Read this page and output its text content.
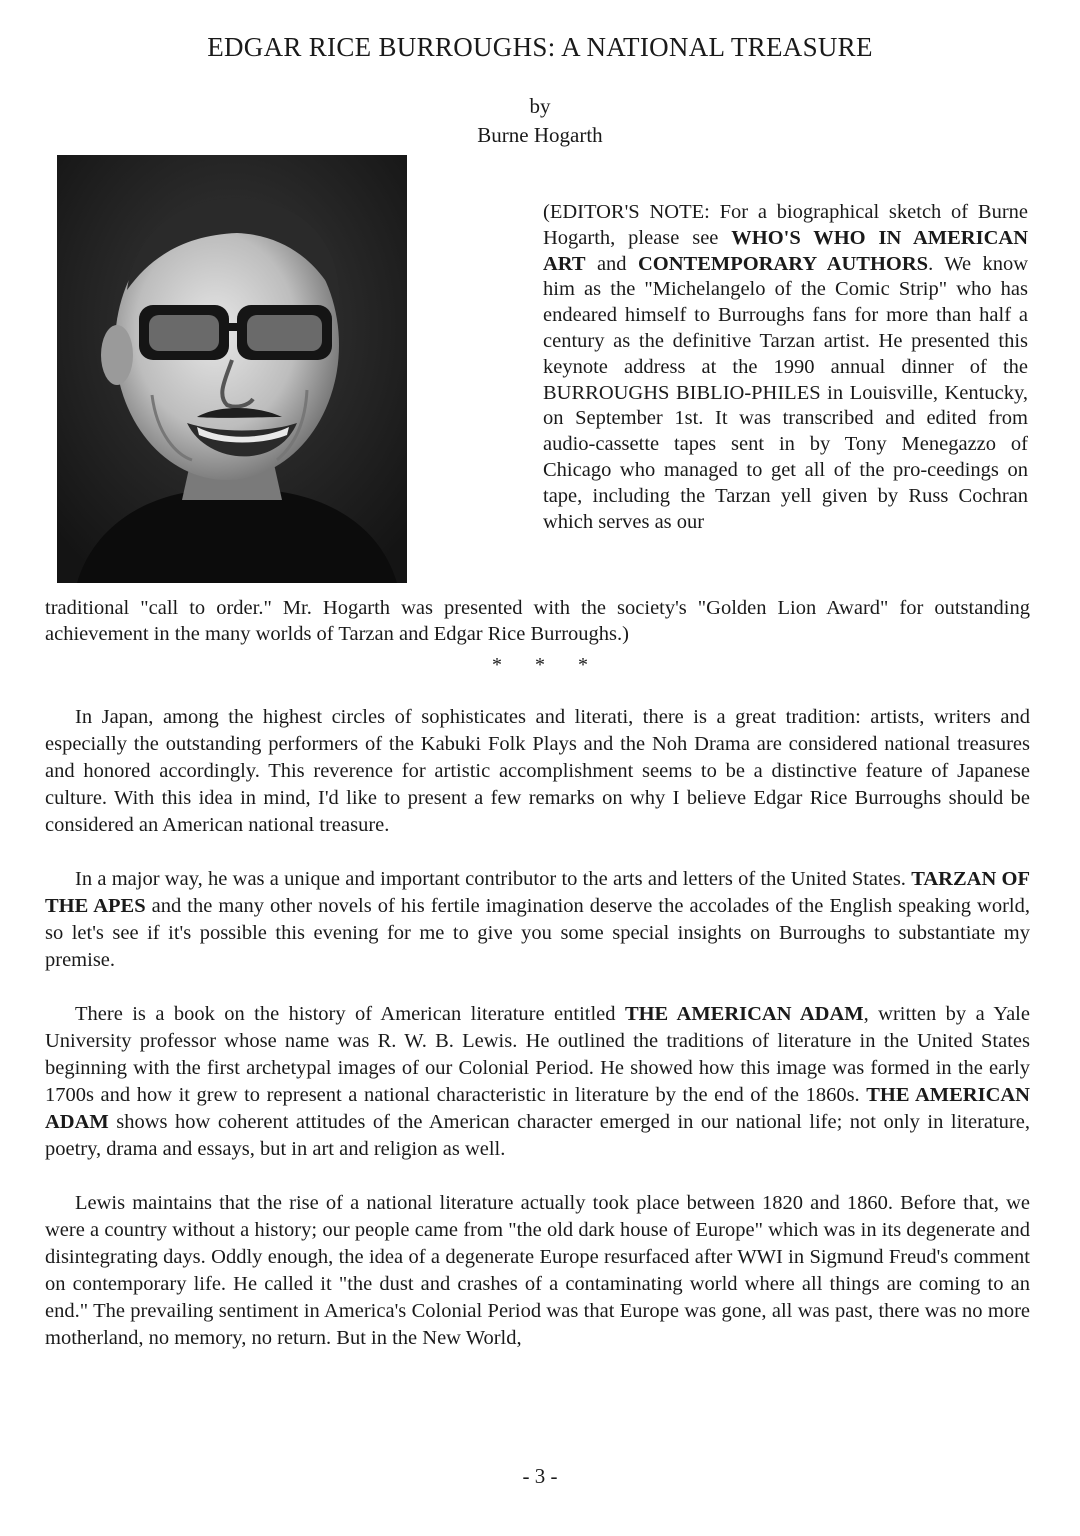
EDGAR RICE BURROUGHS: A NATIONAL TREASURE
by
Burne Hogarth
(EDITOR'S NOTE: For a biographical sketch of Burne Hogarth, please see WHO'S WHO IN AMERICAN ART and CONTEMPORARY AUTHORS. We know him as the "Michelangelo of the Comic Strip" who has endeared himself to Burroughs fans for more than half a century as the definitive Tarzan artist. He presented this keynote address at the 1990 annual dinner of the BURROUGHS BIBLIO-PHILES in Louisville, Kentucky, on September 1st. It was transcribed and edited from audio-cassette tapes sent in by Tony Menegazzo of Chicago who managed to get all of the pro-ceedings on tape, including the Tarzan yell given by Russ Cochran which serves as our
traditional "call to order." Mr. Hogarth was presented with the society's "Golden Lion Award" for outstanding achievement in the many worlds of Tarzan and Edgar Rice Burroughs.)
* * *

In Japan, among the highest circles of sophisticates and literati, there is a great tradition: artists, writers and especially the outstanding performers of the Kabuki Folk Plays and the Noh Drama are considered national treasures and honored accordingly. This reverence for artistic accomplishment seems to be a distinctive feature of Japanese culture. With this idea in mind, I'd like to present a few remarks on why I believe Edgar Rice Burroughs should be considered an American national treasure.

In a major way, he was a unique and important contributor to the arts and letters of the United States. TARZAN OF THE APES and the many other novels of his fertile imagination deserve the accolades of the English speaking world, so let's see if it's possible this evening for me to give you some special insights on Burroughs to substantiate my premise.

There is a book on the history of American literature entitled THE AMERICAN ADAM, written by a Yale University professor whose name was R. W. B. Lewis. He outlined the traditions of literature in the United States beginning with the first archetypal images of our Colonial Period. He showed how this image was formed in the early 1700s and how it grew to represent a national characteristic in literature by the end of the 1860s. THE AMERICAN ADAM shows how coherent attitudes of the American character emerged in our national life; not only in literature, poetry, drama and essays, but in art and religion as well.

Lewis maintains that the rise of a national literature actually took place between 1820 and 1860. Before that, we were a country without a history; our people came from "the old dark house of Europe" which was in its degenerate and disintegrating days. Oddly enough, the idea of a degenerate Europe resurfaced after WWI in Sigmund Freud's comment on contemporary life. He called it "the dust and crashes of a contaminating world where all things are coming to an end." The prevailing sentiment in America's Colonial Period was that Europe was gone, all was past, there was no more motherland, no memory, no return. But in the New World,

- 3 -
